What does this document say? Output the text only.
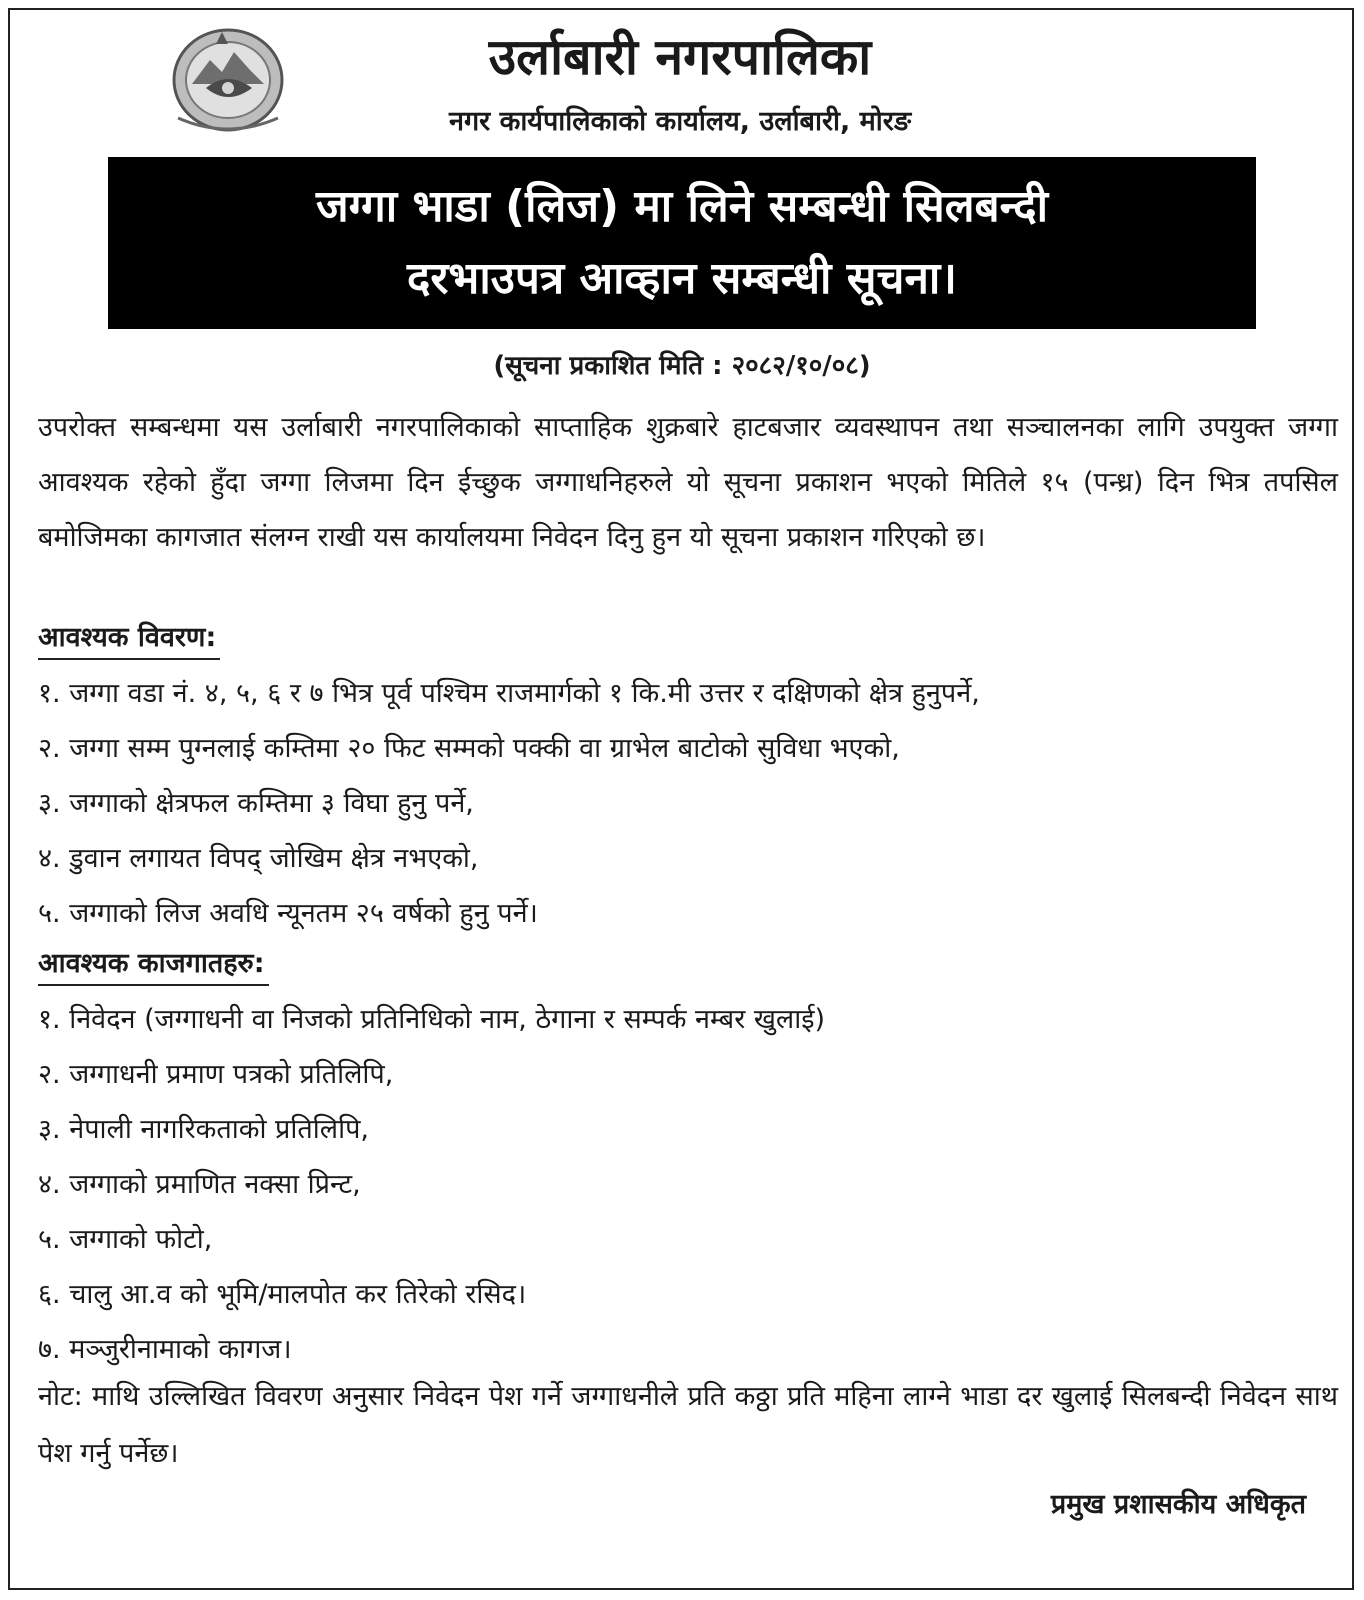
उर्लाबारी नगरपालिका
नगर कार्यपालिकाको कार्यालय, उर्लाबारी, मोरङ
जग्गा भाडा (लिज) मा लिने सम्बन्धी सिलबन्दी
दरभाउपत्र आव्हान सम्बन्धी सूचना।
(सूचना प्रकाशित मिति : २०८२/१०/०८)
उपरोक्त सम्बन्धमा यस उर्लाबारी नगरपालिकाको साप्ताहिक शुक्रबारे हाटबजार व्यवस्थापन तथा सञ्चालनका लागि उपयुक्त जग्गा आवश्यक रहेको हुँदा जग्गा लिजमा दिन ईच्छुक जग्गाधनिहरुले यो सूचना प्रकाशन भएको मितिले १५ (पन्ध्र) दिन भित्र तपसिल बमोजिमका कागजात संलग्न राखी यस कार्यालयमा निवेदन दिनु हुन यो सूचना प्रकाशन गरिएको छ।
आवश्यक विवरण:
१. जग्गा वडा नं. ४, ५, ६ र ७ भित्र पूर्व पश्चिम राजमार्गको १ कि.मी उत्तर र दक्षिणको क्षेत्र हुनुपर्ने,
२. जग्गा सम्म पुग्नलाई कम्तिमा २० फिट सम्मको पक्की वा ग्राभेल बाटोको सुविधा भएको,
३. जग्गाको क्षेत्रफल कम्तिमा ३ विघा हुनु पर्ने,
४. डुवान लगायत विपद् जोखिम क्षेत्र नभएको,
५. जग्गाको लिज अवधि न्यूनतम २५ वर्षको हुनु पर्ने।
आवश्यक काजगातहरु:
१. निवेदन (जग्गाधनी वा निजको प्रतिनिधिको नाम, ठेगाना र सम्पर्क नम्बर खुलाई)
२. जग्गाधनी प्रमाण पत्रको प्रतिलिपि,
३. नेपाली नागरिकताको प्रतिलिपि,
४. जग्गाको प्रमाणित नक्सा प्रिन्ट,
५. जग्गाको फोटो,
६. चालु आ.व को भूमि/मालपोत कर तिरेको रसिद।
७. मञ्जुरीनामाको कागज।
नोट: माथि उल्लिखित विवरण अनुसार निवेदन पेश गर्ने जग्गाधनीले प्रति कठ्ठा प्रति महिना लाग्ने भाडा दर खुलाई सिलबन्दी निवेदन साथ पेश गर्नु पर्नेछ।
प्रमुख प्रशासकीय अधिकृत
